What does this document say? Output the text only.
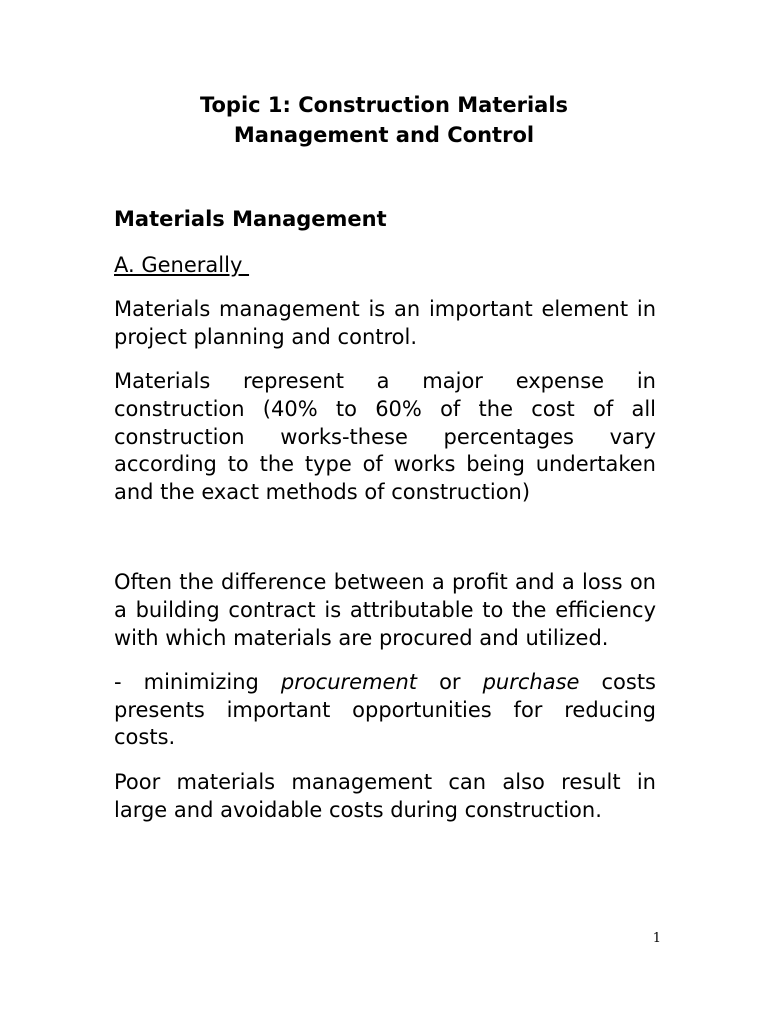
Topic 1: Construction Materials
Management and Control
Materials Management
A. Generally

Materials management is an important element in project planning and control.

Materials represent a major expense in construction (40% to 60% of the cost of all construction works-these percentages vary according to the type of works being undertaken and the exact methods of construction)

Often the difference between a profit and a loss on a building contract is attributable to the efficiency with which materials are procured and utilized.

- minimizing procurement or purchase costs presents important opportunities for reducing costs.

Poor materials management can also result in large and avoidable costs during construction.

1
